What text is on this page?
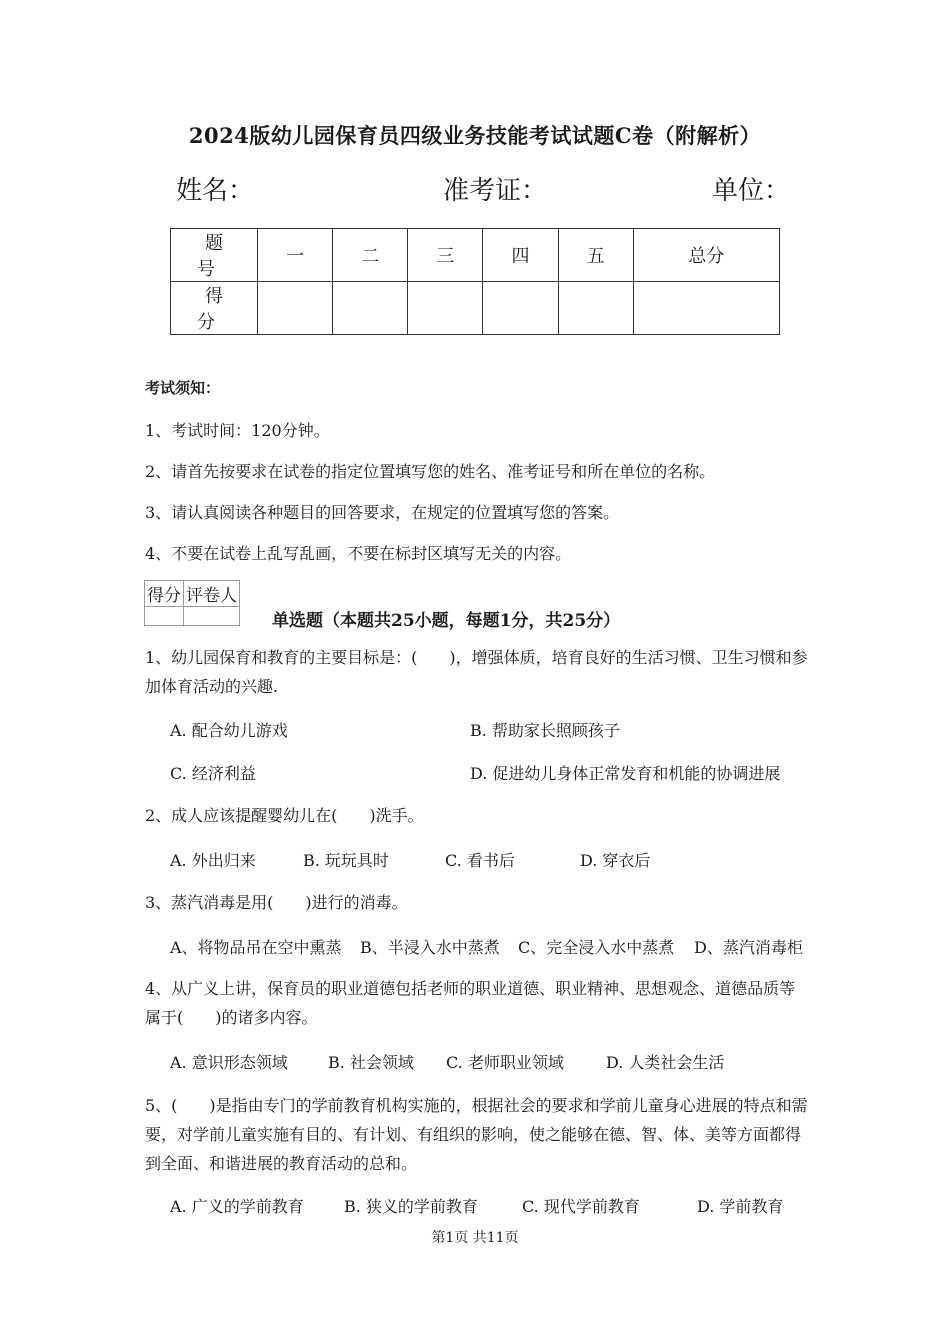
2024版幼儿园保育员四级业务技能考试试题C卷（附解析）
姓名：	准考证：	单位：
题　号	一	二	三	四	五	总分
得　分						
考试须知：
1、考试时间：120分钟。
2、请首先按要求在试卷的指定位置填写您的姓名、准考证号和所在单位的名称。
3、请认真阅读各种题目的回答要求，在规定的位置填写您的答案。
4、不要在试卷上乱写乱画，不要在标封区填写无关的内容。
得分	评卷人

单选题（本题共25小题，每题1分，共25分）
1、幼儿园保育和教育的主要目标是：(　　)，增强体质，培育良好的生活习惯、卫生习惯和参加体育活动的兴趣.
A. 配合幼儿游戏	B. 帮助家长照顾孩子
C. 经济利益	D. 促进幼儿身体正常发育和机能的协调进展
2、成人应该提醒婴幼儿在(　　)洗手。
A. 外出归来	B. 玩玩具时	C. 看书后	D. 穿衣后
3、蒸汽消毒是用(　　)进行的消毒。
A、将物品吊在空中熏蒸 B、半浸入水中蒸煮 C、完全浸入水中蒸煮 D、蒸汽消毒柜
4、从广义上讲，保育员的职业道德包括老师的职业道德、职业精神、思想观念、道德品质等属于(　　)的诸多内容。
A. 意识形态领域	B. 社会领域 C. 老师职业领域	D. 人类社会生活
5、(　　)是指由专门的学前教育机构实施的，根据社会的要求和学前儿童身心进展的特点和需要，对学前儿童实施有目的、有计划、有组织的影响，使之能够在德、智、体、美等方面都得到全面、和谐进展的教育活动的总和。
A. 广义的学前教育	B. 狭义的学前教育	C. 现代学前教育	D. 学前教育
第1页 共11页
